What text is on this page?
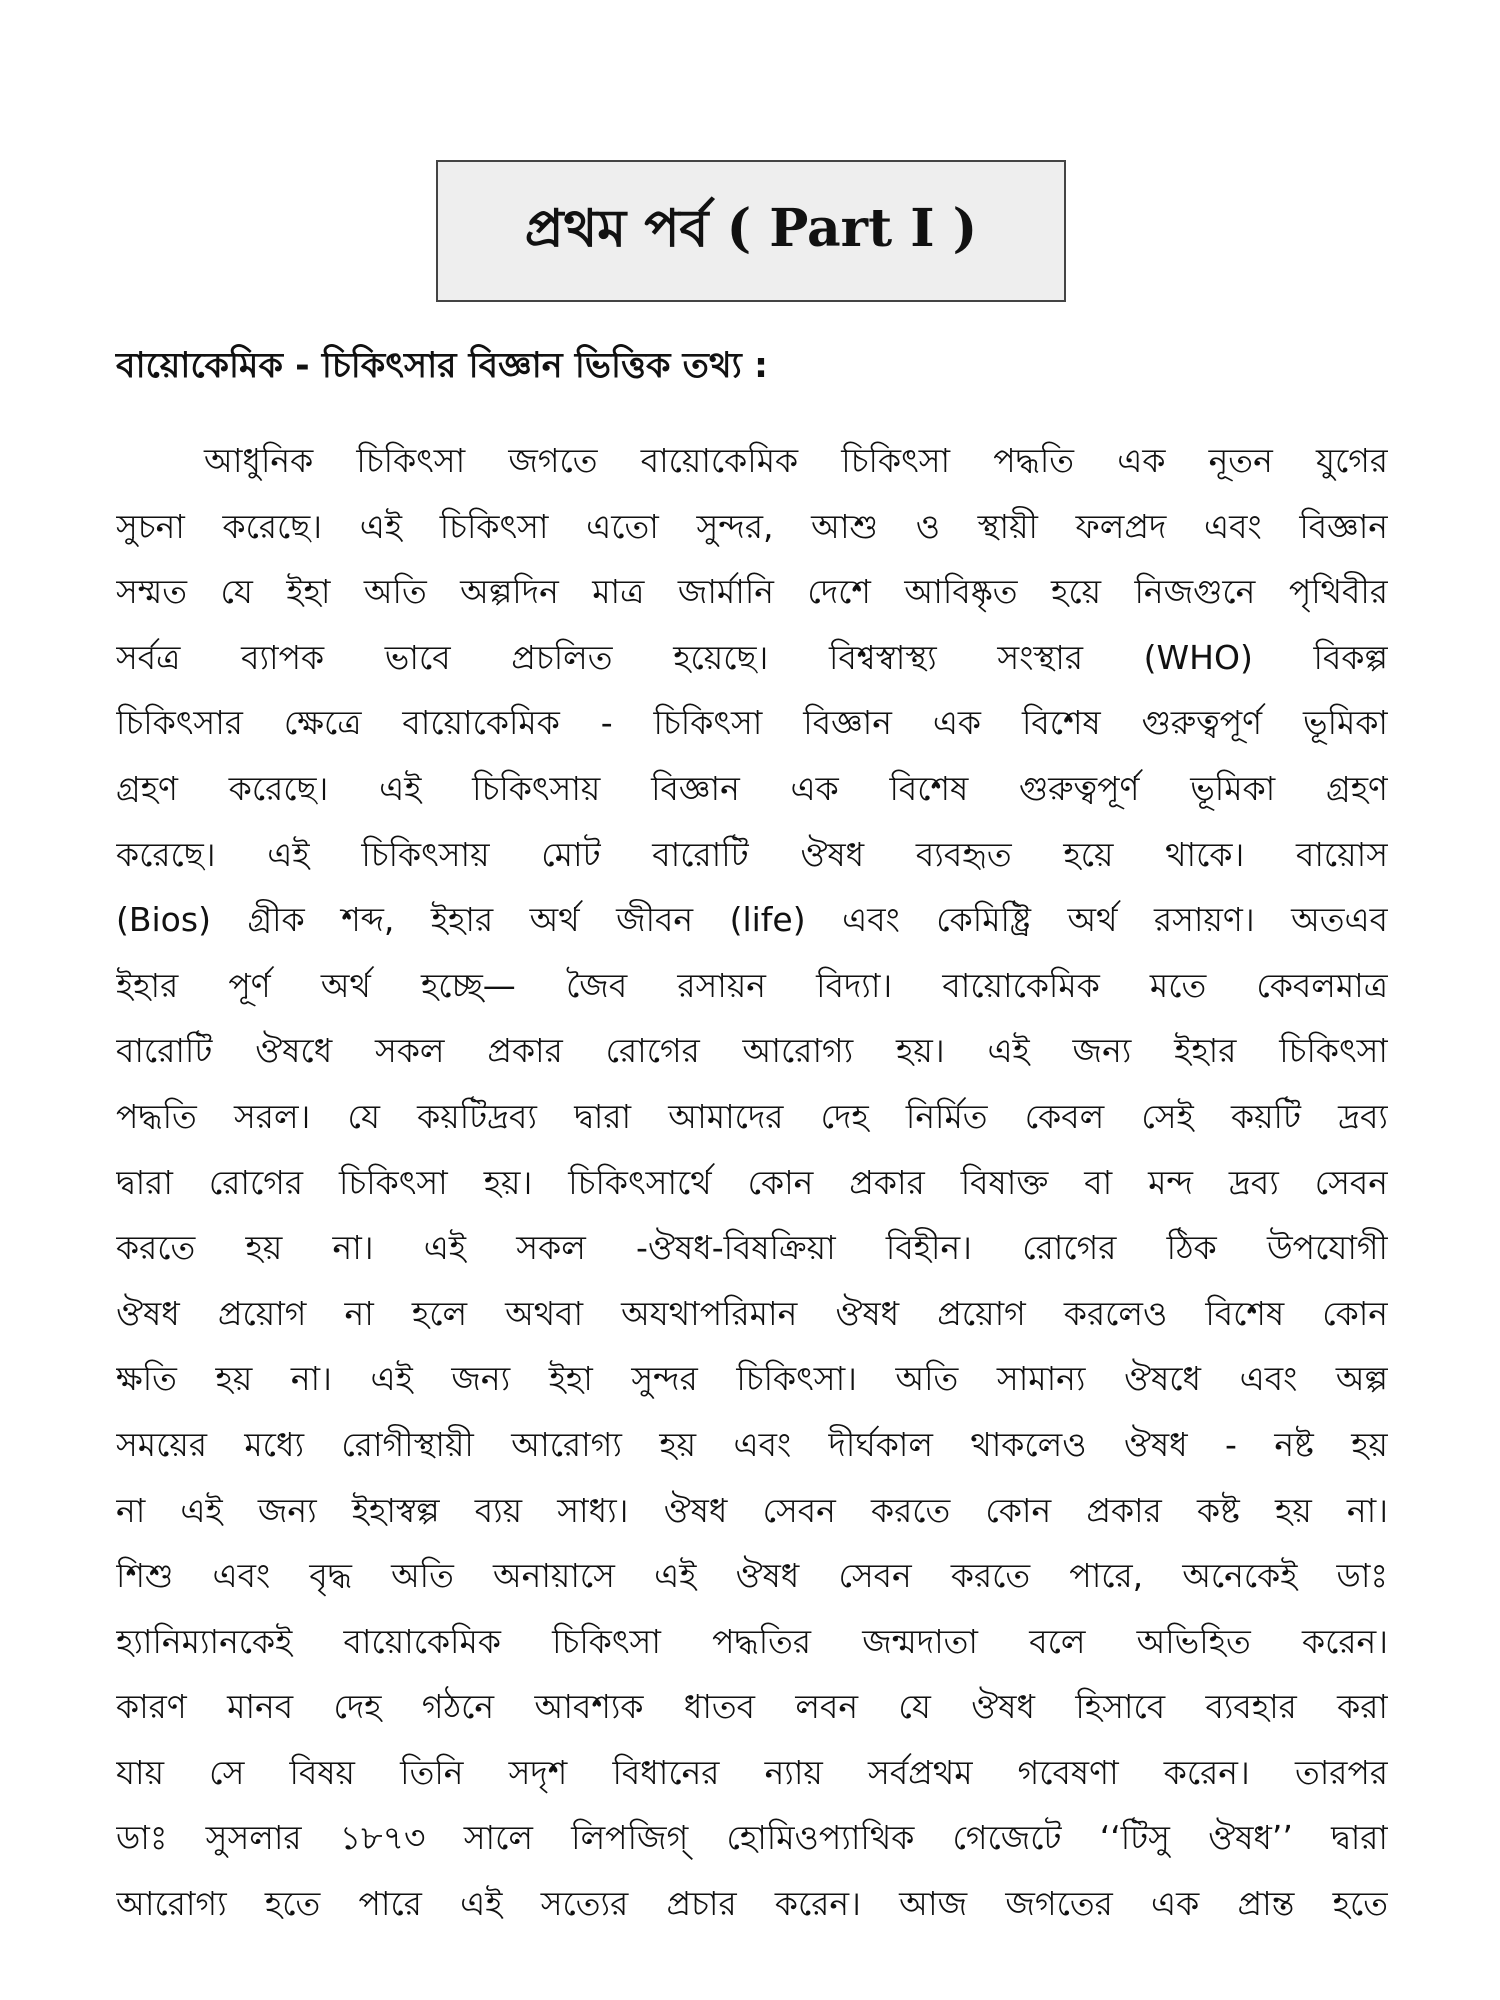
প্রথম পর্ব ( Part I )
বায়োকেমিক - চিকিৎসার বিজ্ঞান ভিত্তিক তথ্য :
আধুনিক চিকিৎসা জগতে বায়োকেমিক চিকিৎসা পদ্ধতি এক নূতন যুগের
সুচনা করেছে। এই চিকিৎসা এতো সুন্দর, আশু ও স্থায়ী ফলপ্রদ এবং বিজ্ঞান
সম্মত যে ইহা অতি অল্পদিন মাত্র জার্মানি দেশে আবিষ্কৃত হয়ে নিজগুনে পৃথিবীর
সর্বত্র ব্যাপক ভাবে প্রচলিত হয়েছে। বিশ্বস্বাস্থ্য সংস্থার (WHO) বিকল্প
চিকিৎসার ক্ষেত্রে বায়োকেমিক - চিকিৎসা বিজ্ঞান এক বিশেষ গুরুত্বপূর্ণ ভূমিকা
গ্রহণ করেছে। এই চিকিৎসায় বিজ্ঞান এক বিশেষ গুরুত্বপূর্ণ ভূমিকা গ্রহণ
করেছে। এই চিকিৎসায় মোট বারোটি ঔষধ ব্যবহৃত হয়ে থাকে। বায়োস
(Bios) গ্রীক শব্দ, ইহার অর্থ জীবন (life) এবং কেমিষ্ট্রি অর্থ রসায়ণ। অতএব
ইহার পূর্ণ অর্থ হচ্ছে— জৈব রসায়ন বিদ্যা। বায়োকেমিক মতে কেবলমাত্র
বারোটি ঔষধে সকল প্রকার রোগের আরোগ্য হয়। এই জন্য ইহার চিকিৎসা
পদ্ধতি সরল। যে কয়টিদ্রব্য দ্বারা আমাদের দেহ নির্মিত কেবল সেই কয়টি দ্রব্য
দ্বারা রোগের চিকিৎসা হয়। চিকিৎসার্থে কোন প্রকার বিষাক্ত বা মন্দ দ্রব্য সেবন
করতে হয় না। এই সকল -ঔষধ-বিষক্রিয়া বিহীন। রোগের ঠিক উপযোগী
ঔষধ প্রয়োগ না হলে অথবা অযথাপরিমান ঔষধ প্রয়োগ করলেও বিশেষ কোন
ক্ষতি হয় না। এই জন্য ইহা সুন্দর চিকিৎসা। অতি সামান্য ঔষধে এবং অল্প
সময়ের মধ্যে রোগীস্থায়ী আরোগ্য হয় এবং দীর্ঘকাল থাকলেও ঔষধ - নষ্ট হয়
না এই জন্য ইহাস্বল্প ব্যয় সাধ্য। ঔষধ সেবন করতে কোন প্রকার কষ্ট হয় না।
শিশু এবং বৃদ্ধ অতি অনায়াসে এই ঔষধ সেবন করতে পারে, অনেকেই ডাঃ
হ্যানিম্যানকেই বায়োকেমিক চিকিৎসা পদ্ধতির জন্মদাতা বলে অভিহিত করেন।
কারণ মানব দেহ গঠনে আবশ্যক ধাতব লবন যে ঔষধ হিসাবে ব্যবহার করা
যায় সে বিষয় তিনি সদৃশ বিধানের ন্যায় সর্বপ্রথম গবেষণা করেন। তারপর
ডাঃ সুসলার ১৮৭৩ সালে লিপজিগ্ হোমিওপ্যাথিক গেজেটে ‘‘টিসু ঔষধ’’ দ্বারা
আরোগ্য হতে পারে এই সত্যের প্রচার করেন। আজ জগতের এক প্রান্ত হতে
